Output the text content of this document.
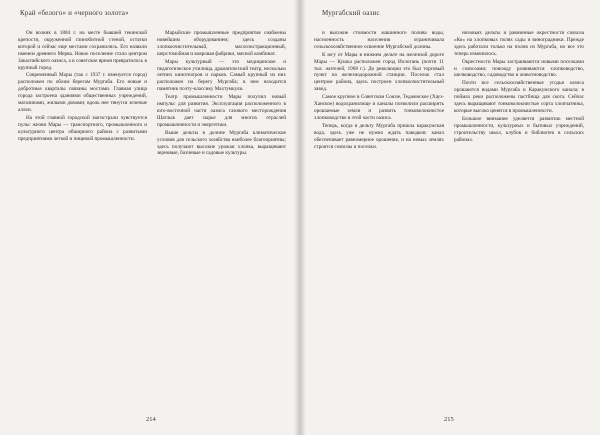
Край «белого» и «черного золота»

Он возник в 1884 г. на месте бывшей текинской крепости, окруженной глинобитной стеной, остатки которой и сейчас еще местами сохранились. Его назвали именем древнего Мерва. Новое поселение стало центром Закаспийского оазиса, а в советское время превратилось в крупный город.

Современный Мары (так с 1937 г. именуется город) расположен по обоим берегам Мургаба. Его новые и добротные кварталы связаны мостами. Главная улица города застроена зданиями общественных учреждений, магазинами, жилыми домами; вдоль нее тянутся зеленые аллеи.

На этой главной городской магистрали чувствуется пульс жизни Мары — транспортного, промышленного и культурного центра обширного района с развитыми предприятиями легкой и пищевой промышленности.

Марыйские промышленные предприятия снабжены новейшим оборудованием; здесь созданы хлопкоочистительный, маслоэкстракционный, шерстомойная и ковровая фабрики, мясной комбинат.

Мары культурный — это медицинское и педагогическое училища, драматический театр, несколько летних кинотеатров и парков. Самый крупный из них расположен на берегу Мургаба; в нем находится памятник поэту-классику Махтумкули.

Театр промышленности Мары получил новый импульс для развития. Эксплуатация расположенного в юго-восточной части оазиса газового месторождения Шатлык дает сырье для многих отраслей промышленности и энергетики.

Выше дельты в долине Мургаба климатические условия для сельского хозяйства наиболее благоприятны; здесь получают высокие урожаи хлопка, выращивают зерновые, бахчевые и садовые культуры.

214
Мургабский оазис

и высокие стоимости машинного полива воды, населенность населения ограничивала сельскохозяйственное освоение Мургабской долины.

К югу от Мары в нижнем дельте на железной дороге Мары — Кушка расположен город Иолотань (почти 11 тыс. жителей, 1968 г.). До революции это был торговый пункт на железнодорожной станции. Поселок стал центром района, здесь построен хлопкоочистительный завод.

Самое крупное в Советском Союзе, Тедженское (Хауз-Ханское) водохранилище и каналы позволили расширить орошаемые земли и развить тонковолокнистое хлопководство в этой части оазиса.

Теперь, когда в дельту Мургаба пришла каракумская вода, здесь уже не нужно ждать паводков: канал обеспечивает равномерное орошение, и на новых землях строятся совхозы и поселки.

низовьях дельты и равнинные окрестности совхоза «Ко» на хлопковых полях сады и виноградники. Прежде здесь работали только на полив из Мургаба, но все это теперь изменилось.

Окрестности Мары застраиваются новыми поселками и совхозами; повсюду развиваются хлопководство, шелководство, садоводство и животноводство.

Почти все сельскохозяйственные угодья оазиса орошаются водами Мургаба и Каракумского канала; в поймах реки расположены пастбища для скота. Сейчас здесь выращивают тонковолокнистые сорта хлопчатника, которые высоко ценятся в промышленности.

Большое внимание уделяется развитию местной промышленности, культурных и бытовых учреждений, строительству школ, клубов и библиотек в сельских районах.

215
